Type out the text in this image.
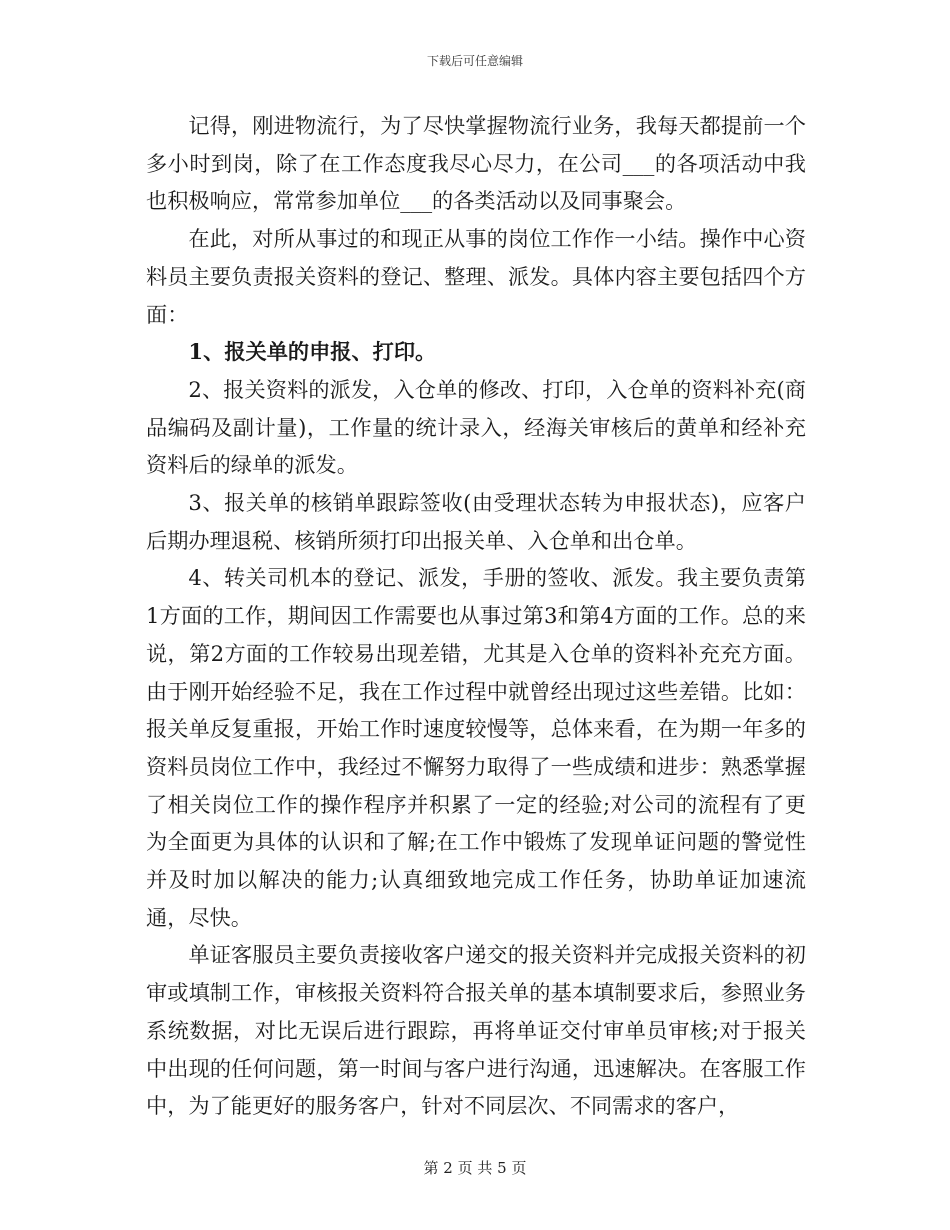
下载后可任意编辑

记得，刚进物流行，为了尽快掌握物流行业务，我每天都提前一个多小时到岗，除了在工作态度我尽心尽力，在公司___的各项活动中我也积极响应，常常参加单位___的各类活动以及同事聚会。

在此，对所从事过的和现正从事的岗位工作作一小结。操作中心资料员主要负责报关资料的登记、整理、派发。具体内容主要包括四个方面：

1、报关单的申报、打印。

2、报关资料的派发，入仓单的修改、打印，入仓单的资料补充(商品编码及副计量)，工作量的统计录入，经海关审核后的黄单和经补充资料后的绿单的派发。

3、报关单的核销单跟踪签收(由受理状态转为申报状态)，应客户后期办理退税、核销所须打印出报关单、入仓单和出仓单。

4、转关司机本的登记、派发，手册的签收、派发。我主要负责第1方面的工作，期间因工作需要也从事过第3和第4方面的工作。总的来说，第2方面的工作较易出现差错，尤其是入仓单的资料补充充方面。由于刚开始经验不足，我在工作过程中就曾经出现过这些差错。比如：报关单反复重报，开始工作时速度较慢等，总体来看，在为期一年多的资料员岗位工作中，我经过不懈努力取得了一些成绩和进步：熟悉掌握了相关岗位工作的操作程序并积累了一定的经验;对公司的流程有了更为全面更为具体的认识和了解;在工作中锻炼了发现单证问题的警觉性并及时加以解决的能力;认真细致地完成工作任务，协助单证加速流通，尽快。

单证客服员主要负责接收客户递交的报关资料并完成报关资料的初审或填制工作，审核报关资料符合报关单的基本填制要求后，参照业务系统数据，对比无误后进行跟踪，再将单证交付审单员审核;对于报关中出现的任何问题，第一时间与客户进行沟通，迅速解决。在客服工作中，为了能更好的服务客户，针对不同层次、不同需求的客户，

第 2 页 共 5 页
